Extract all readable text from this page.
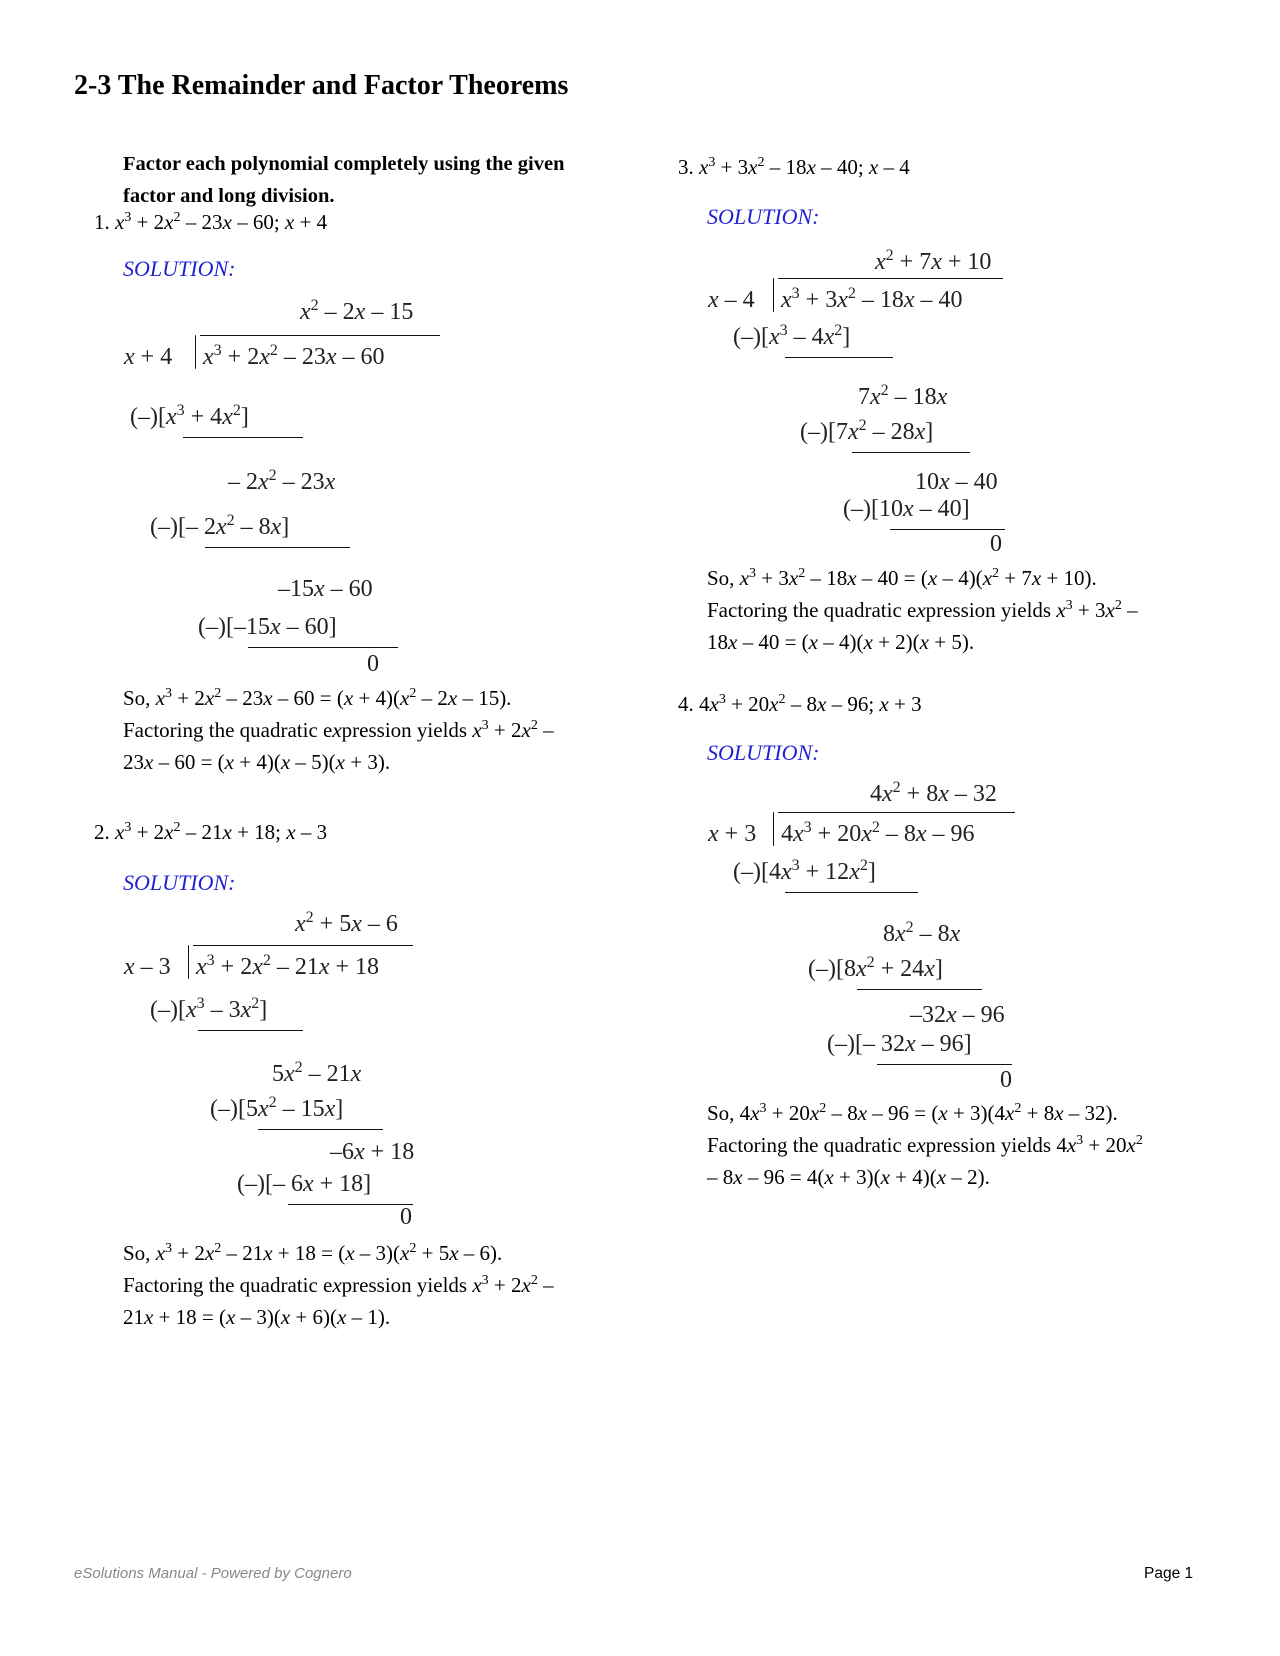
2-3 The Remainder and Factor Theorems
Factor each polynomial completely using the given factor and long division.
1. $x^3 + 2x^2 - 23x - 60$; x + 4
SOLUTION:
$x^2 - 2x - 15$
x + 4 $x^3 + 2x^2 - 23x - 60$
$(-)[x^3 + 4x^2]$
– $2x^2 - 23x$
(–)[– $2x^2 - 8x$]
–15x – 60
(–)[–15x – 60]
0
So, $x^3 + 2x^2 - 23x - 60 = (x + 4)(x^2 - 2x - 15)$.
Factoring the quadratic expression yields $x^3 + 2x^2$ –
23x – 60 = (x + 4)(x – 5)(x + 3).
2. $x^3 + 2x^2 - 21x + 18$; x – 3
SOLUTION:
$x^2 + 5x - 6$
x – 3 $x^3 + 2x^2 - 21x + 18$
$(-)[x^3 - 3x^2]$
$5x^2 - 21x$
$(-)[5x^2 - 15x]$
–6x + 18
(–)[– 6x + 18]
0
So, $x^3 + 2x^2 - 21x + 18 = (x - 3)(x^2 + 5x - 6)$.
Factoring the quadratic expression yields $x^3 + 2x^2$ –
21x + 18 = (x – 3)(x + 6)(x – 1).
3. $x^3 + 3x^2 - 18x - 40$; x – 4
SOLUTION:
$x^2 + 7x + 10$
x – 4 $x^3 + 3x^2 - 18x - 40$
$(-)[x^3 - 4x^2]$
$7x^2 - 18x$
$(-)[7x^2 - 28x]$
10x – 40
(–)[10x – 40]
0
So, $x^3 + 3x^2 - 18x - 40 = (x - 4)(x^2 + 7x + 10)$.
Factoring the quadratic expression yields $x^3 + 3x^2$ –
18x – 40 = (x – 4)(x + 2)(x + 5).
4. $4x^3 + 20x^2 - 8x - 96$; x + 3
SOLUTION:
$4x^2 + 8x - 32$
x + 3 $4x^3 + 20x^2 - 8x - 96$
$(-)[4x^3 + 12x^2]$
$8x^2 - 8x$
$(-)[8x^2 + 24x]$
–32x – 96
(–)[– 32x – 96]
0
So, $4x^3 + 20x^2 - 8x - 96 = (x + 3)(4x^2 + 8x - 32)$.
Factoring the quadratic expression yields $4x^3 + 20x^2$
– 8x – 96 = 4(x + 3)(x + 4)(x – 2).
eSolutions Manual - Powered by Cognero	Page 1
